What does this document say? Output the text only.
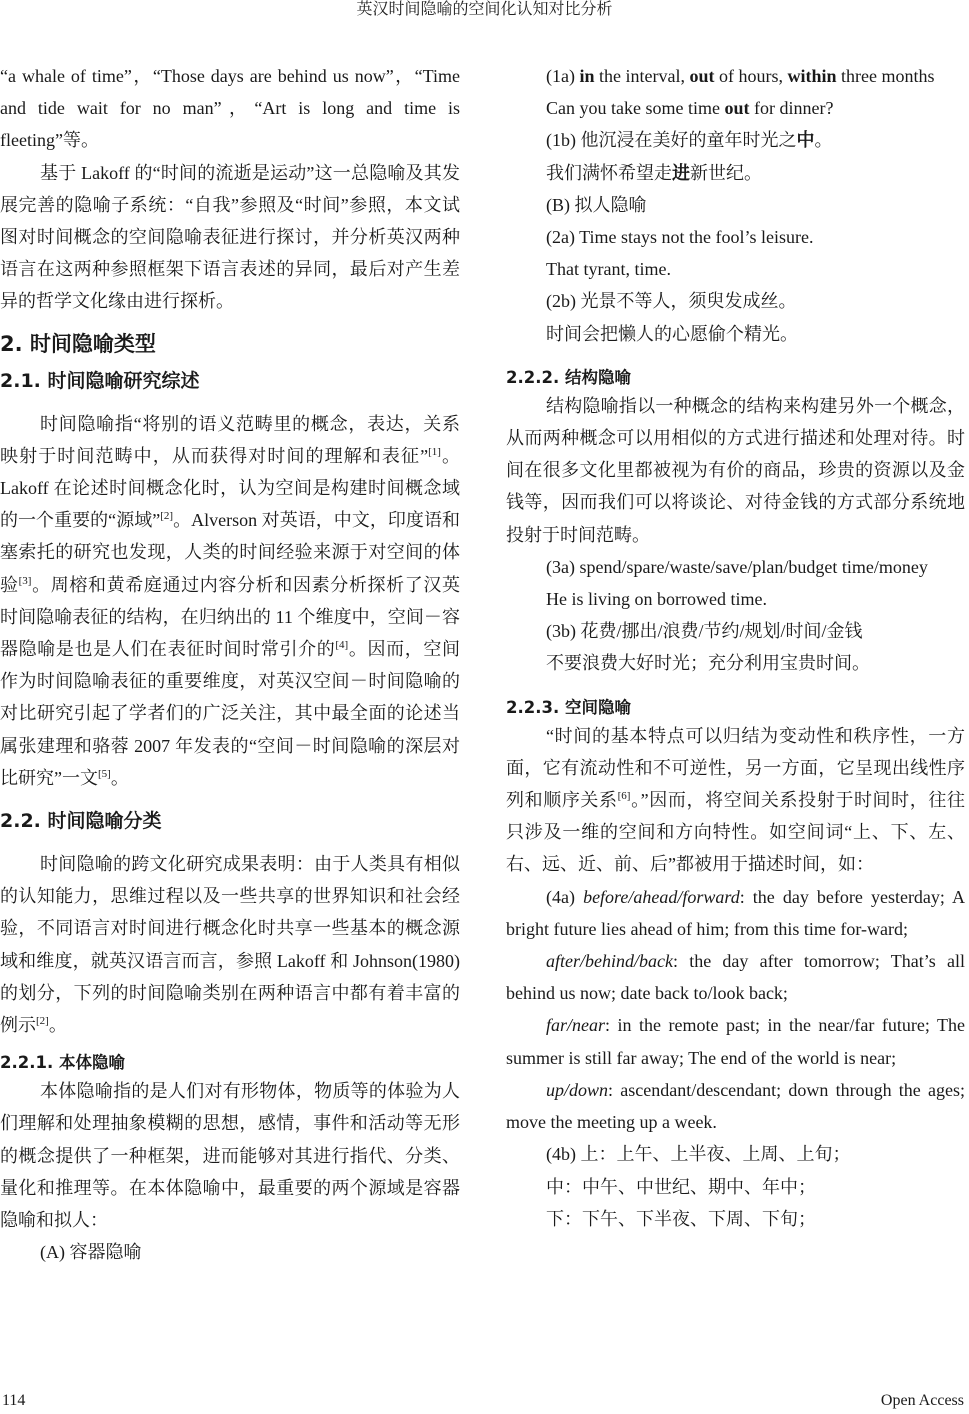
英汉时间隐喻的空间化认知对比分析

“a whale of time”，“Those days are behind us now”，“Time and tide wait for no man”，“Art is long and time is fleeting”等。

基于 Lakoff 的“时间的流逝是运动”这一总隐喻及其发展完善的隐喻子系统：“自我”参照及“时间”参照，本文试图对时间概念的空间隐喻表征进行探讨，并分析英汉两种语言在这两种参照框架下语言表述的异同，最后对产生差异的哲学文化缘由进行探析。

2. 时间隐喻类型
2.1. 时间隐喻研究综述

时间隐喻指“将别的语义范畴里的概念，表达，关系映射于时间范畴中，从而获得对时间的理解和表征”[1]。Lakoff 在论述时间概念化时，认为空间是构建时间概念域的一个重要的“源域”[2]。Alverson 对英语，中文，印度语和塞索托的研究也发现，人类的时间经验来源于对空间的体验[3]。周榕和黄希庭通过内容分析和因素分析探析了汉英时间隐喻表征的结构，在归纳出的 11 个维度中，空间－容器隐喻是也是人们在表征时间时常引介的[4]。因而，空间作为时间隐喻表征的重要维度，对英汉空间－时间隐喻的对比研究引起了学者们的广泛关注，其中最全面的论述当属张建理和骆蓉 2007 年发表的“空间－时间隐喻的深层对比研究”一文[5]。

2.2. 时间隐喻分类

时间隐喻的跨文化研究成果表明：由于人类具有相似的认知能力，思维过程以及一些共享的世界知识和社会经验，不同语言对时间进行概念化时共享一些基本的概念源域和维度，就英汉语言而言，参照 Lakoff 和 Johnson(1980)的划分，下列的时间隐喻类别在两种语言中都有着丰富的例示[2]。

2.2.1. 本体隐喻

本体隐喻指的是人们对有形物体，物质等的体验为人们理解和处理抽象模糊的思想，感情，事件和活动等无形的概念提供了一种框架，进而能够对其进行指代、分类、量化和推理等。在本体隐喻中，最重要的两个源域是容器隐喻和拟人：

(A) 容器隐喻

(1a) in the interval, out of hours, within three months

Can you take some time out for dinner?

(1b) 他沉浸在美好的童年时光之中。

我们满怀希望走进新世纪。

(B) 拟人隐喻

(2a) Time stays not the fool’s leisure.

That tyrant, time.

(2b) 光景不等人，须臾发成丝。

时间会把懒人的心愿偷个精光。

2.2.2. 结构隐喻

结构隐喻指以一种概念的结构来构建另外一个概念，从而两种概念可以用相似的方式进行描述和处理对待。时间在很多文化里都被视为有价的商品，珍贵的资源以及金钱等，因而我们可以将谈论、对待金钱的方式部分系统地投射于时间范畴。

(3a) spend/spare/waste/save/plan/budget time/money

He is living on borrowed time.

(3b) 花费/挪出/浪费/节约/规划/时间/金钱

不要浪费大好时光；充分利用宝贵时间。

2.2.3. 空间隐喻

“时间的基本特点可以归结为变动性和秩序性，一方面，它有流动性和不可逆性，另一方面，它呈现出线性序列和顺序关系[6]。”因而，将空间关系投射于时间时，往往只涉及一维的空间和方向特性。如空间词“上、下、左、右、远、近、前、后”都被用于描述时间，如：

(4a) before/ahead/forward: the day before yesterday; A bright future lies ahead of him; from this time for-ward;

after/behind/back: the day after tomorrow; That’s all behind us now; date back to/look back;

far/near: in the remote past; in the near/far future; The summer is still far away; The end of the world is near;

up/down: ascendant/descendant; down through the ages; move the meeting up a week.

(4b) 上：上午、上半夜、上周、上旬；

中：中午、中世纪、期中、年中；

下：下午、下半夜、下周、下旬；

114	Open Access
